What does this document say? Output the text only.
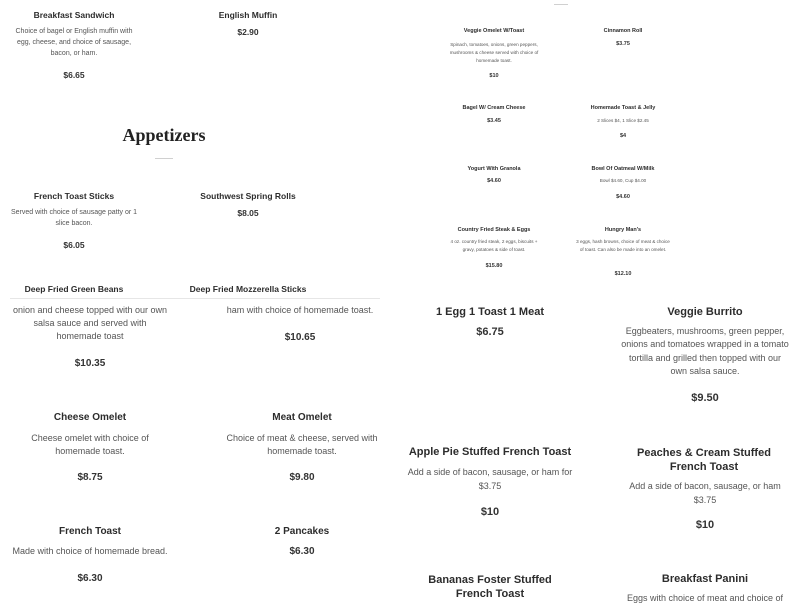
Breakfast Sandwich
Choice of bagel or English muffin with egg, cheese, and choice of sausage, bacon, or ham.
$6.65
English Muffin
$2.90
Appetizers
French Toast Sticks
Served with choice of sausage patty or 1 slice bacon.
$6.05
Southwest Spring Rolls
$8.05
Deep Fried Green Beans	Deep Fried Mozzerella Sticks
onion and cheese topped with our own salsa sauce and served with homemade toast
$10.35
ham with choice of homemade toast.
$10.65
Cheese Omelet
Cheese omelet with choice of homemade toast.
$8.75
Meat Omelet
Choice of meat & cheese, served with homemade toast.
$9.80
French Toast
Made with choice of homemade bread.
$6.30
2 Pancakes
$6.30
Veggie Omelet W/Toast
Spinach, tomatoes, onions, green peppers, mushrooms & cheese served with choice of homemade toast.
$10
Cinnamon Roll
$3.75
Bagel W/ Cream Cheese
$3.45
Homemade Toast & Jelly
2 Slices $4, 1 Slice $2.45
$4
Yogurt With Granola
$4.60
Bowl Of Oatmeal W/Milk
Bowl $4.60, Cup $4.00
$4.60
Country Fried Steak & Eggs
4 oz. country fried steak, 2 eggs, biscuits + gravy, potatoes & side of toast.
$15.80
Hungry Man's
3 eggs, hash browns, choice of meat & choice of toast. Can also be made into an omelet.
$12.10
1 Egg 1 Toast 1 Meat
$6.75
Veggie Burrito
Eggbeaters, mushrooms, green pepper, onions and tomatoes wrapped in a tomato tortilla and grilled then topped with our own salsa sauce.
$9.50
Apple Pie Stuffed French Toast
Add a side of bacon, sausage, or ham for $3.75
$10
Peaches & Cream Stuffed French Toast
Add a side of bacon, sausage, or ham $3.75
$10
Bananas Foster Stuffed French Toast
Breakfast Panini
Eggs with choice of meat and choice of
